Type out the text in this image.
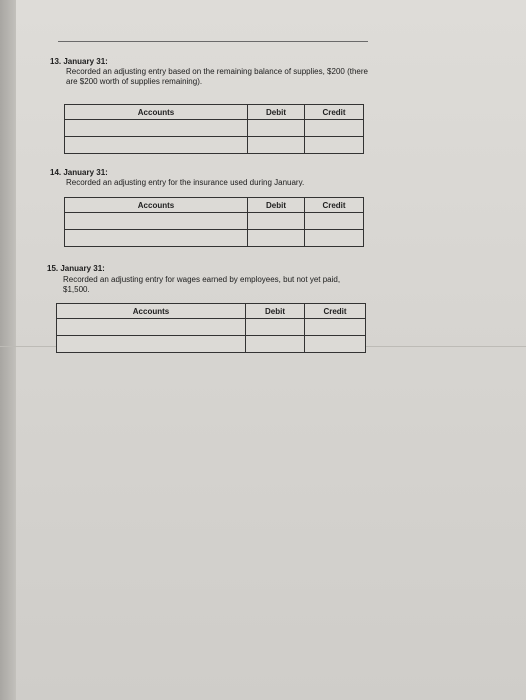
13. January 31:
Recorded an adjusting entry based on the remaining balance of supplies, $200 (there
are $200 worth of supplies remaining).
Accounts	Debit	Credit

14. January 31:
Recorded an adjusting entry for the insurance used during January.
Accounts	Debit	Credit

15. January 31:
Recorded an adjusting entry for wages earned by employees, but not yet paid,
$1,500.
Accounts	Debit	Credit
